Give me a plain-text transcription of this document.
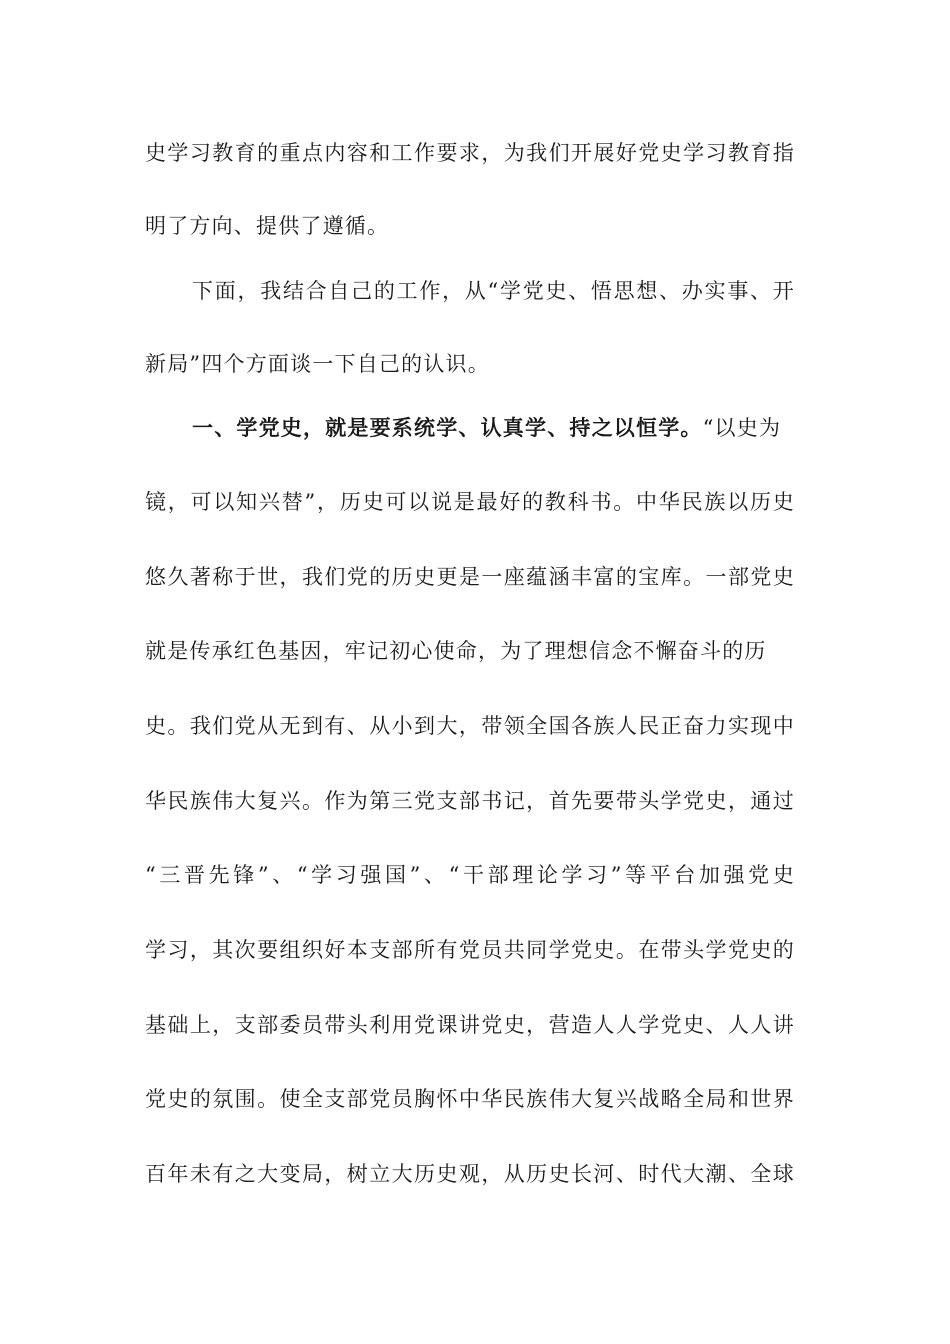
史学习教育的重点内容和工作要求，为我们开展好党史学习教育指
明了方向、提供了遵循。
下面，我结合自己的工作，从“学党史、悟思想、办实事、开
新局”四个方面谈一下自己的认识。
一、学党史，就是要系统学、认真学、持之以恒学。“以史为
镜，可以知兴替”，历史可以说是最好的教科书。中华民族以历史
悠久著称于世，我们党的历史更是一座蕴涵丰富的宝库。一部党史
就是传承红色基因，牢记初心使命，为了理想信念不懈奋斗的历
史。我们党从无到有、从小到大，带领全国各族人民正奋力实现中
华民族伟大复兴。作为第三党支部书记，首先要带头学党史，通过
“三晋先锋”、“学习强国”、“干部理论学习”等平台加强党史
学习，其次要组织好本支部所有党员共同学党史。在带头学党史的
基础上，支部委员带头利用党课讲党史，营造人人学党史、人人讲
党史的氛围。使全支部党员胸怀中华民族伟大复兴战略全局和世界
百年未有之大变局，树立大历史观，从历史长河、时代大潮、全球
